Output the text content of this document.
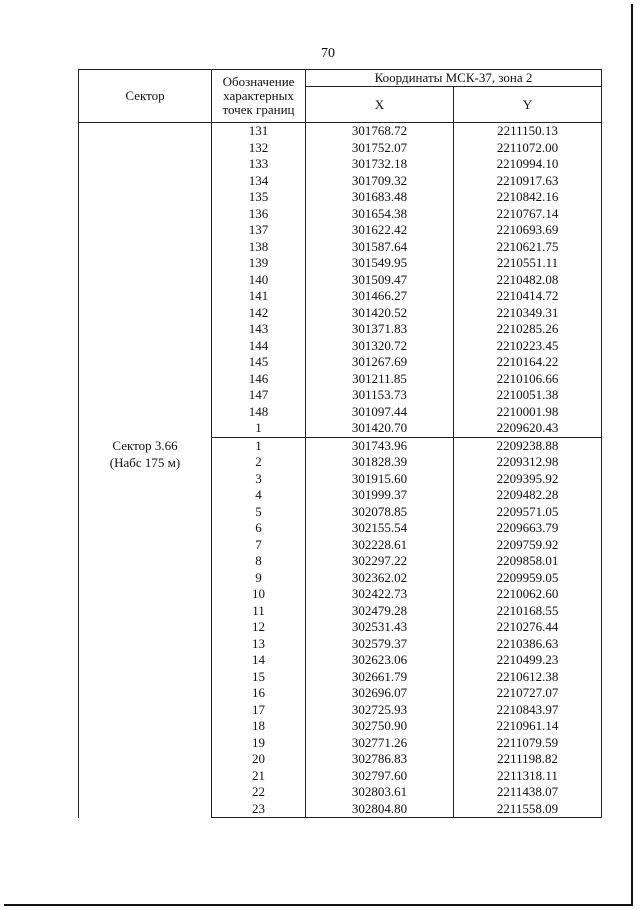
70
Сектор	Обозначение характерных точек границ	Координаты МСК-37, зона 2	
		X	Y

	131	301768.72	2211150.13
	132	301752.07	2211072.00
	133	301732.18	2210994.10
	134	301709.32	2210917.63
	135	301683.48	2210842.16
	136	301654.38	2210767.14
	137	301622.42	2210693.69
	138	301587.64	2210621.75
	139	301549.95	2210551.11
	140	301509.47	2210482.08
	141	301466.27	2210414.72
	142	301420.52	2210349.31
	143	301371.83	2210285.26
	144	301320.72	2210223.45
	145	301267.69	2210164.22
	146	301211.85	2210106.66
	147	301153.73	2210051.38
	148	301097.44	2210001.98
	1	301420.70	2209620.43

Сектор 3.66
(Набс 175 м)	1	301743.96	2209238.88
	2	301828.39	2209312.98
	3	301915.60	2209395.92
	4	301999.37	2209482.28
	5	302078.85	2209571.05
	6	302155.54	2209663.79
	7	302228.61	2209759.92
	8	302297.22	2209858.01
	9	302362.02	2209959.05
	10	302422.73	2210062.60
	11	302479.28	2210168.55
	12	302531.43	2210276.44
	13	302579.37	2210386.63
	14	302623.06	2210499.23
	15	302661.79	2210612.38
	16	302696.07	2210727.07
	17	302725.93	2210843.97
	18	302750.90	2210961.14
	19	302771.26	2211079.59
	20	302786.83	2211198.82
	21	302797.60	2211318.11
	22	302803.61	2211438.07
	23	302804.80	2211558.09
